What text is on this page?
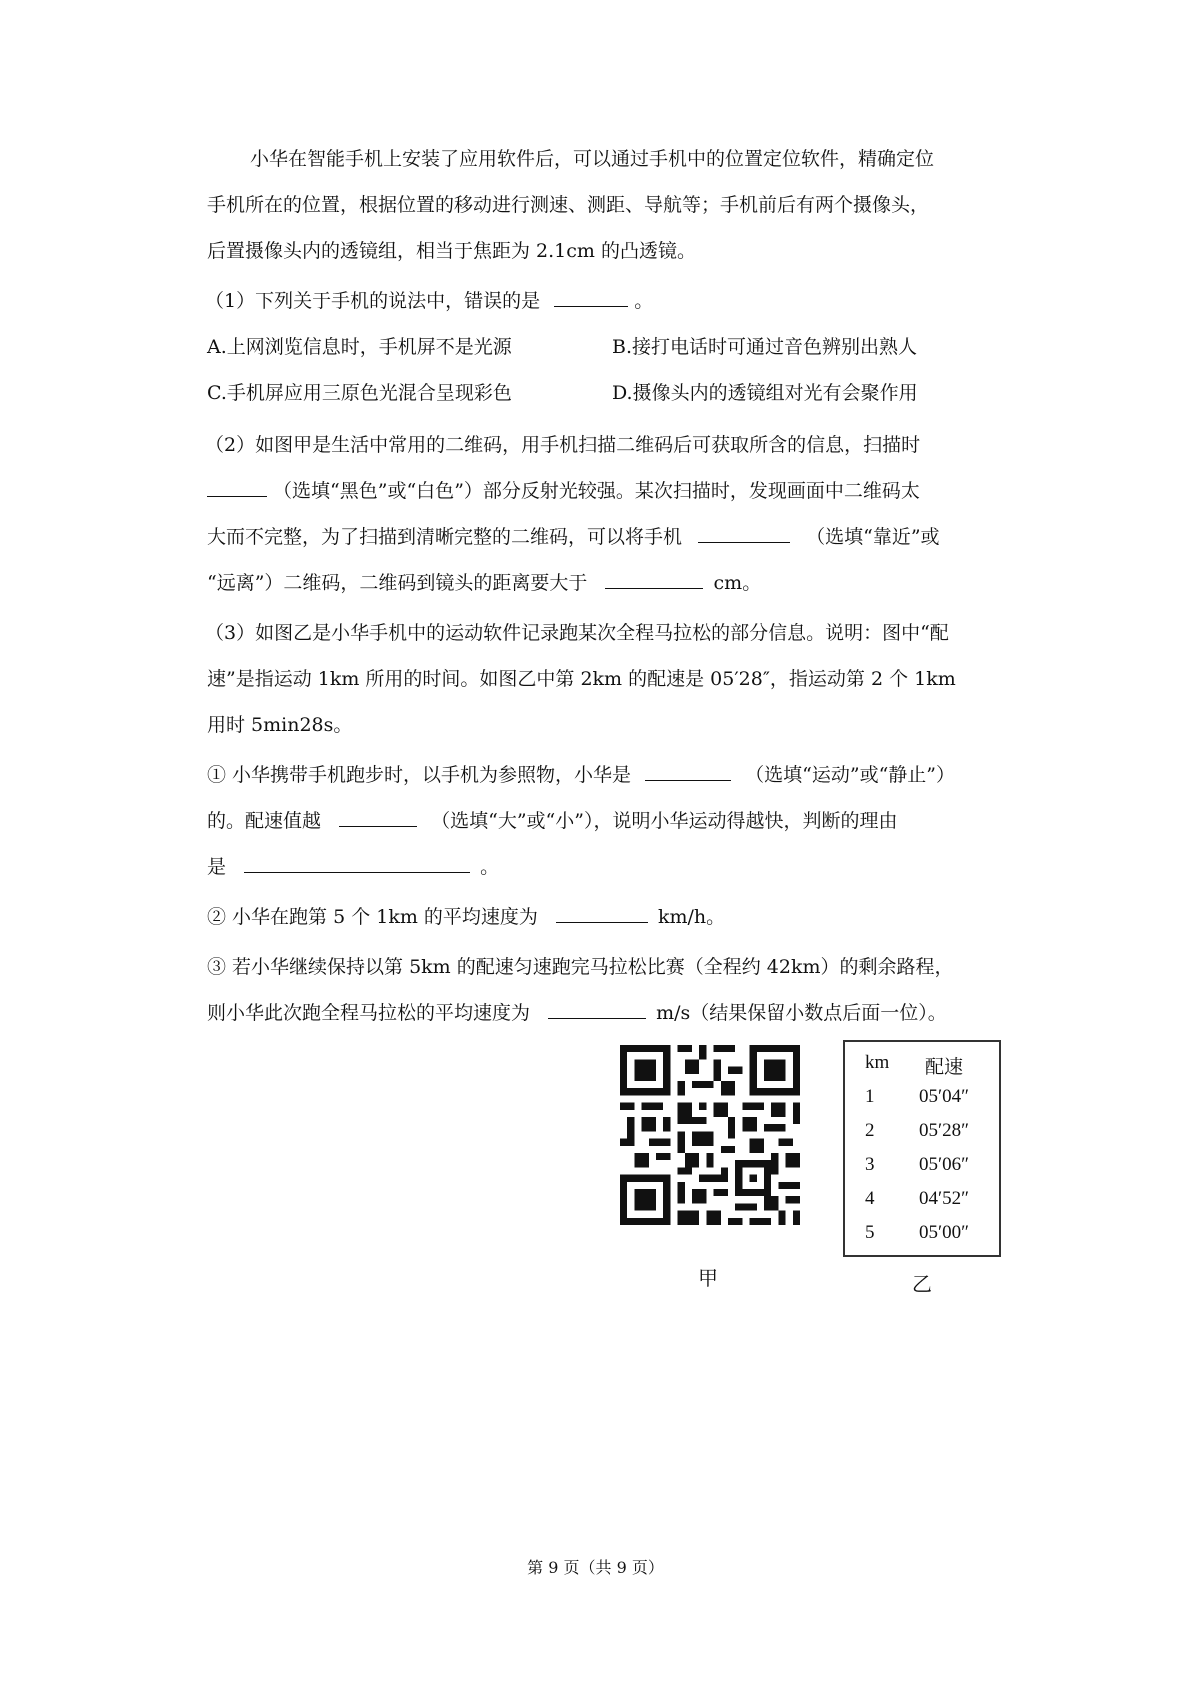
小华在智能手机上安装了应用软件后，可以通过手机中的位置定位软件，精确定位
手机所在的位置，根据位置的移动进行测速、测距、导航等；手机前后有两个摄像头，
后置摄像头内的透镜组，相当于焦距为 2.1cm 的凸透镜。
（1）下列关于手机的说法中，错误的是	。
A.上网浏览信息时，手机屏不是光源	B.接打电话时可通过音色辨别出熟人
C.手机屏应用三原色光混合呈现彩色	D.摄像头内的透镜组对光有会聚作用
（2）如图甲是生活中常用的二维码，用手机扫描二维码后可获取所含的信息，扫描时
（选填“黑色”或“白色”）部分反射光较强。某次扫描时，发现画面中二维码太
大而不完整，为了扫描到清晰完整的二维码，可以将手机	（选填“靠近”或
“远离”）二维码，二维码到镜头的距离要大于	cm。
（3）如图乙是小华手机中的运动软件记录跑某次全程马拉松的部分信息。说明：图中“配
速”是指运动 1km 所用的时间。如图乙中第 2km 的配速是 05′28″，指运动第 2 个 1km
用时 5min28s。
① 小华携带手机跑步时，以手机为参照物，小华是	（选填“运动”或“静止”）
的。配速值越	（选填“大”或“小”），说明小华运动得越快，判断的理由
是	。
② 小华在跑第 5 个 1km 的平均速度为	km/h。
③ 若小华继续保持以第 5km 的配速匀速跑完马拉松比赛（全程约 42km）的剩余路程，
则小华此次跑全程马拉松的平均速度为	m/s（结果保留小数点后面一位）。
甲
km 配速
1 05′04″
2 05′28″
3 05′06″
4 04′52″
5 05′00″
乙
第 9 页（共 9 页）
